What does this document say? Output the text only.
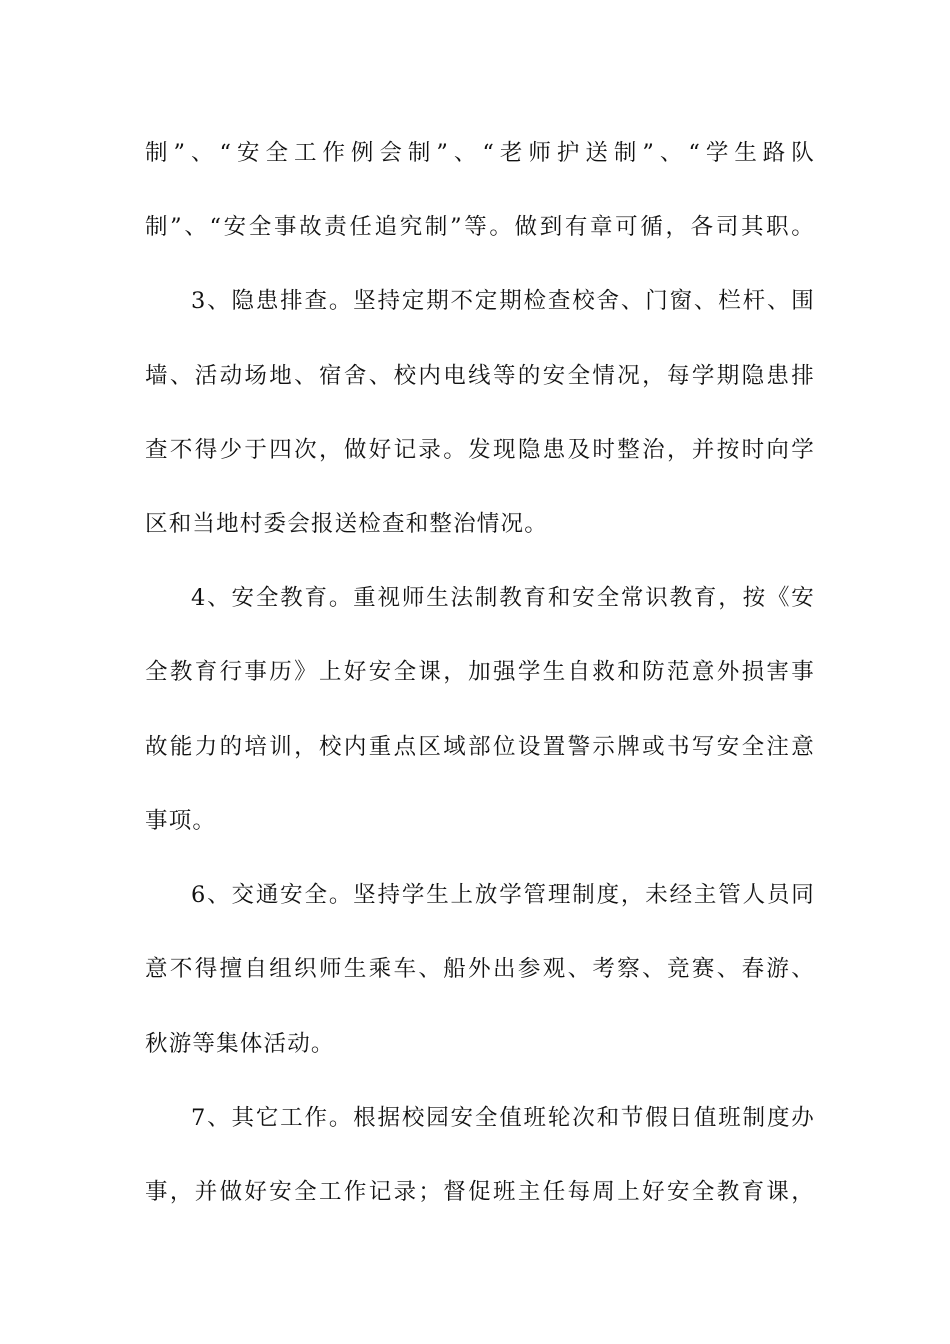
制”、“安全工作例会制”、“老师护送制”、“学生路队
制”、“安全事故责任追究制”等。做到有章可循，各司其职。
3、隐患排查。坚持定期不定期检查校舍、门窗、栏杆、围
墙、活动场地、宿舍、校内电线等的安全情况，每学期隐患排
查不得少于四次，做好记录。发现隐患及时整治，并按时向学
区和当地村委会报送检查和整治情况。
4、安全教育。重视师生法制教育和安全常识教育，按《安
全教育行事历》上好安全课，加强学生自救和防范意外损害事
故能力的培训，校内重点区域部位设置警示牌或书写安全注意
事项。
6、交通安全。坚持学生上放学管理制度，未经主管人员同
意不得擅自组织师生乘车、船外出参观、考察、竞赛、春游、
秋游等集体活动。
7、其它工作。根据校园安全值班轮次和节假日值班制度办
事，并做好安全工作记录；督促班主任每周上好安全教育课，
